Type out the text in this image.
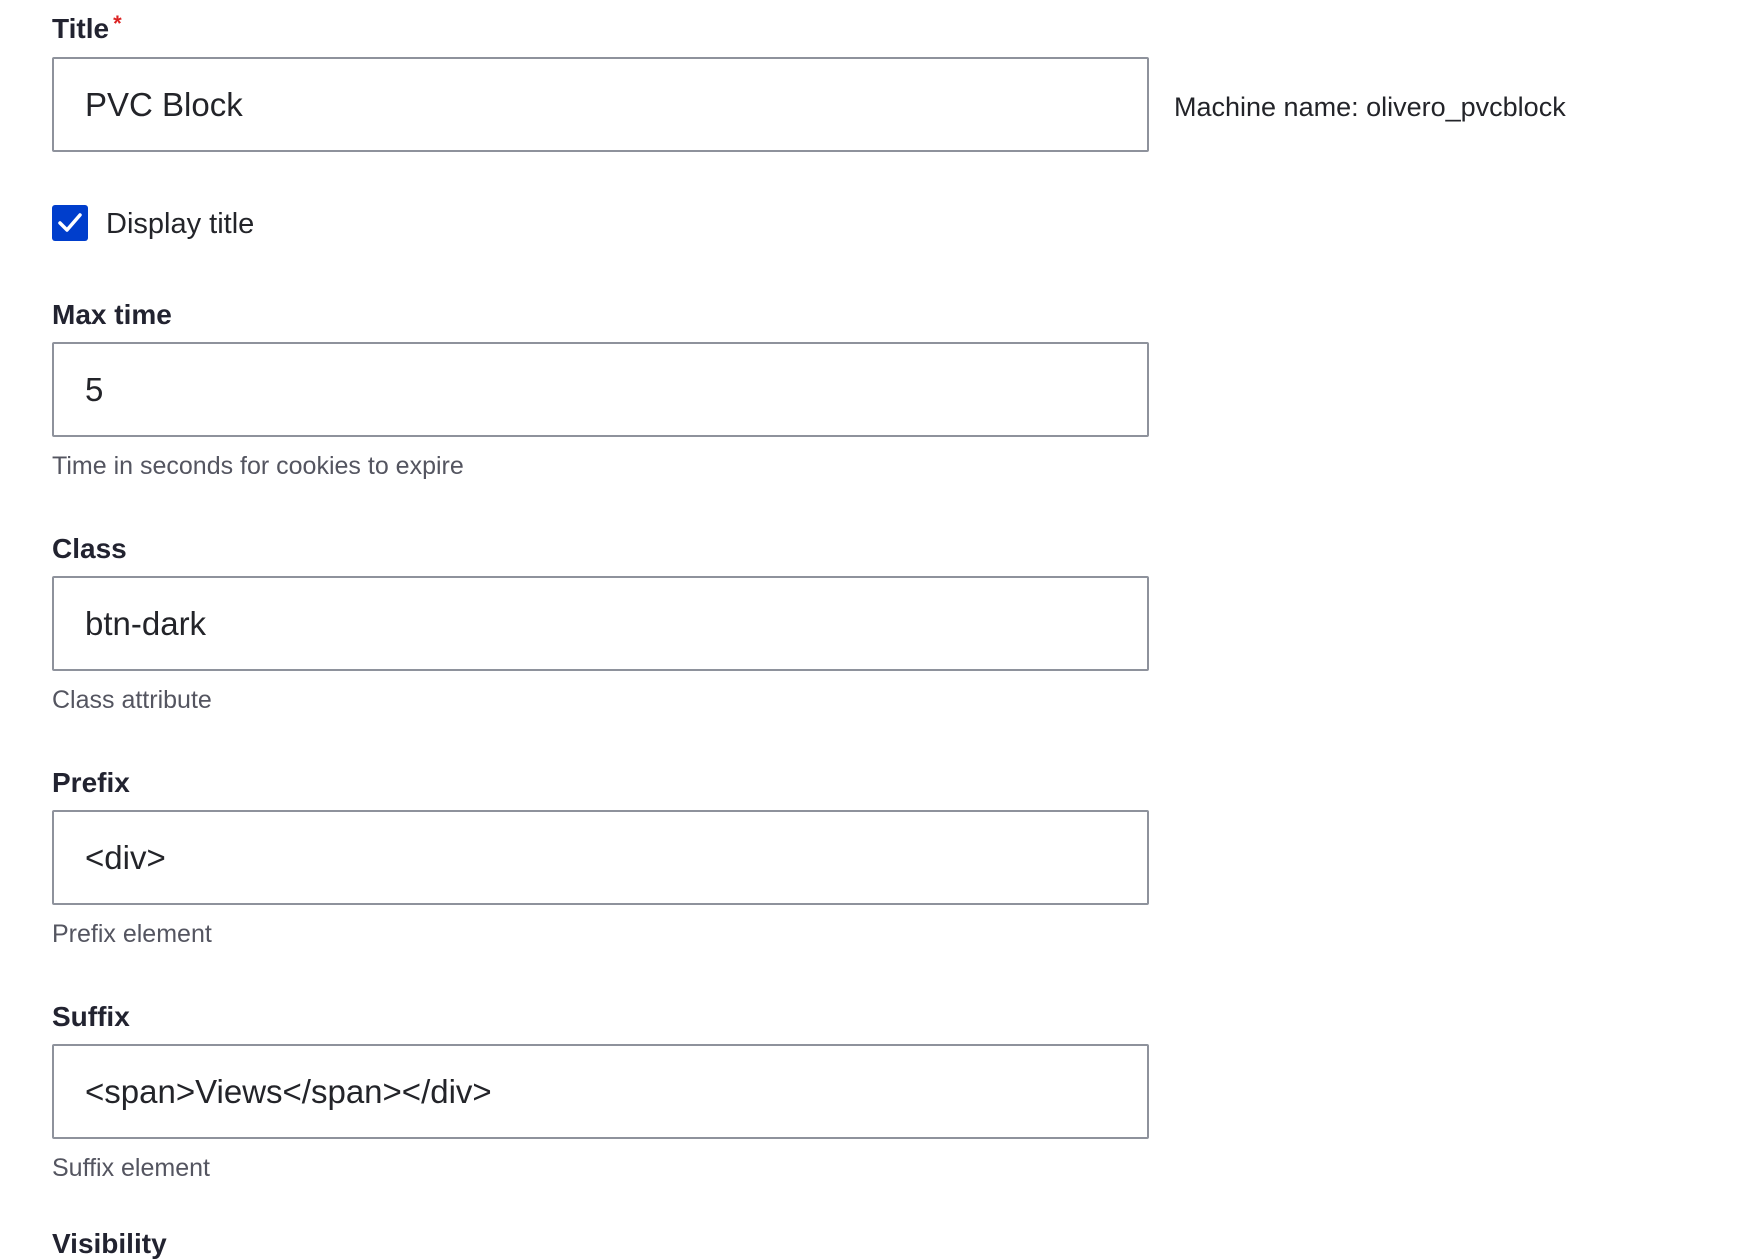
Title *
PVC Block
Machine name: olivero_pvcblock
Display title
Max time
5
Time in seconds for cookies to expire
Class
btn-dark
Class attribute
Prefix
<div>
Prefix element
Suffix
<span>Views</span></div>
Suffix element
Visibility
